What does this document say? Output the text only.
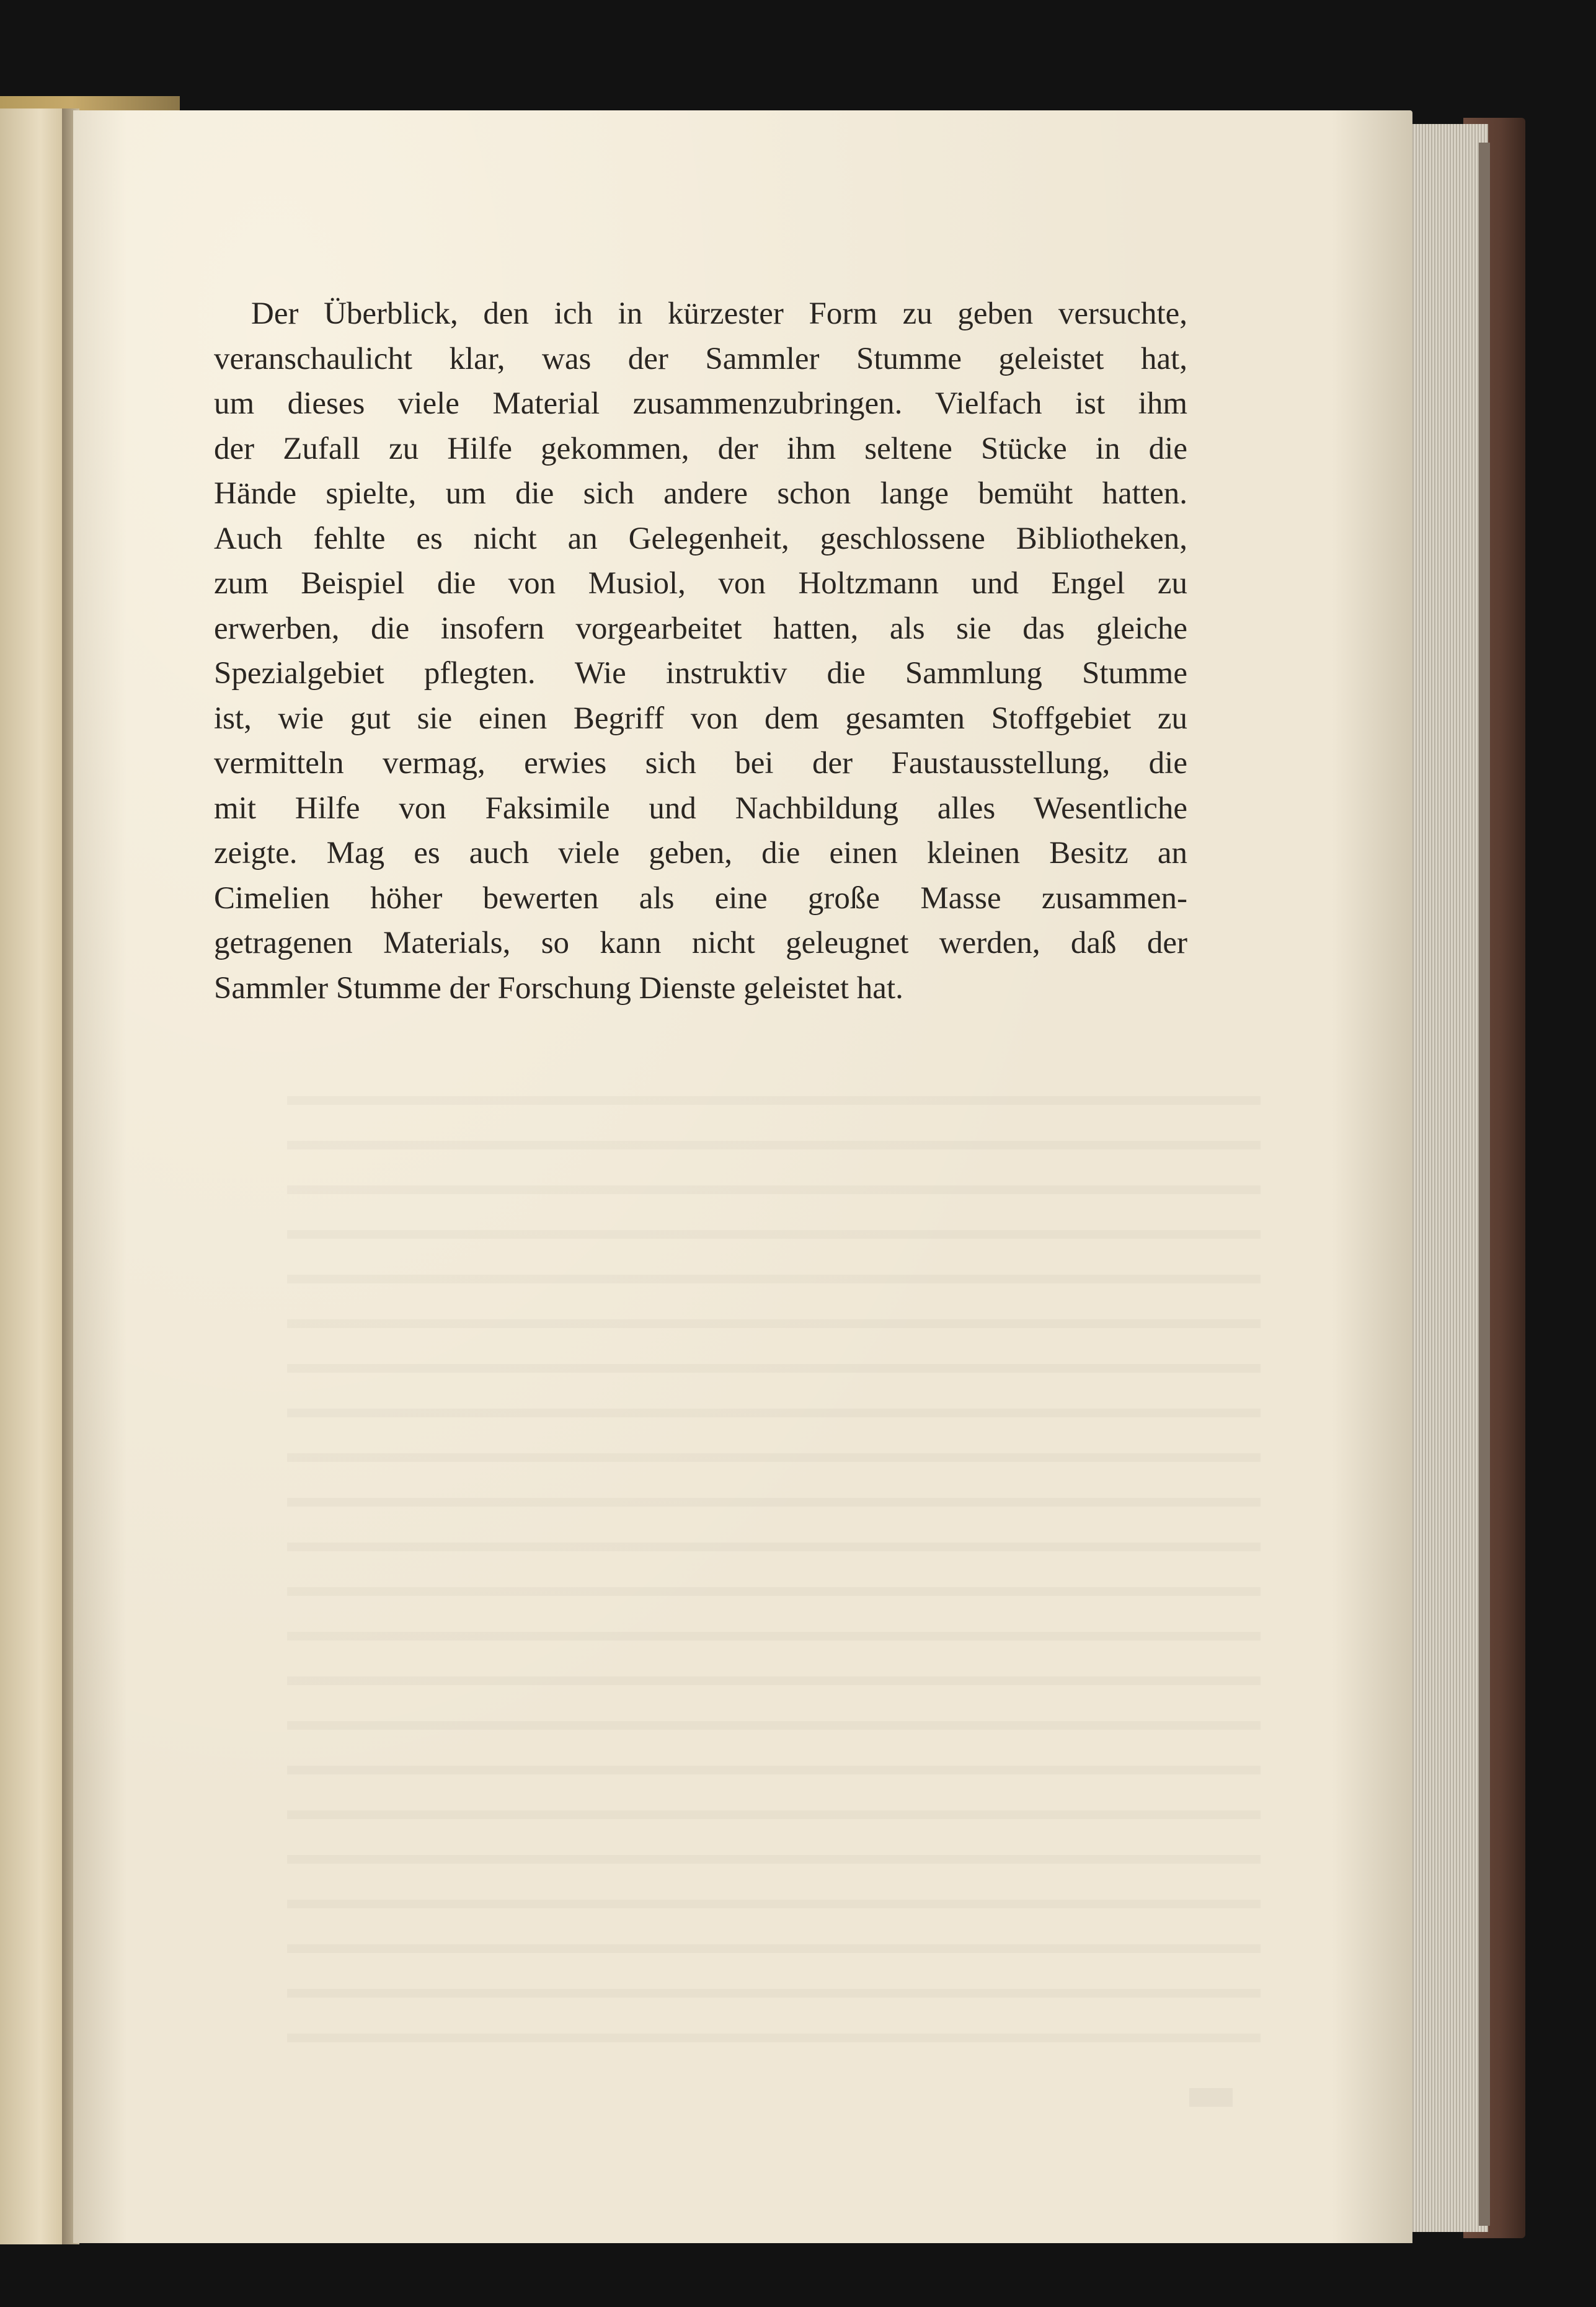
Der Überblick, den ich in kürzester Form zu geben versuchte,
veranschaulicht klar, was der Sammler Stumme geleistet hat,
um dieses viele Material zusammenzubringen. Vielfach ist ihm
der Zufall zu Hilfe gekommen, der ihm seltene Stücke in die
Hände spielte, um die sich andere schon lange bemüht hatten.
Auch fehlte es nicht an Gelegenheit, geschlossene Bibliotheken,
zum Beispiel die von Musiol, von Holtzmann und Engel zu
erwerben, die insofern vorgearbeitet hatten, als sie das gleiche
Spezialgebiet pflegten. Wie instruktiv die Sammlung Stumme
ist, wie gut sie einen Begriff von dem gesamten Stoffgebiet zu
vermitteln vermag, erwies sich bei der Faustausstellung, die
mit Hilfe von Faksimile und Nachbildung alles Wesentliche
zeigte. Mag es auch viele geben, die einen kleinen Besitz an
Cimelien höher bewerten als eine große Masse zusammen-
getragenen Materials, so kann nicht geleugnet werden, daß der
Sammler Stumme der Forschung Dienste geleistet hat.
